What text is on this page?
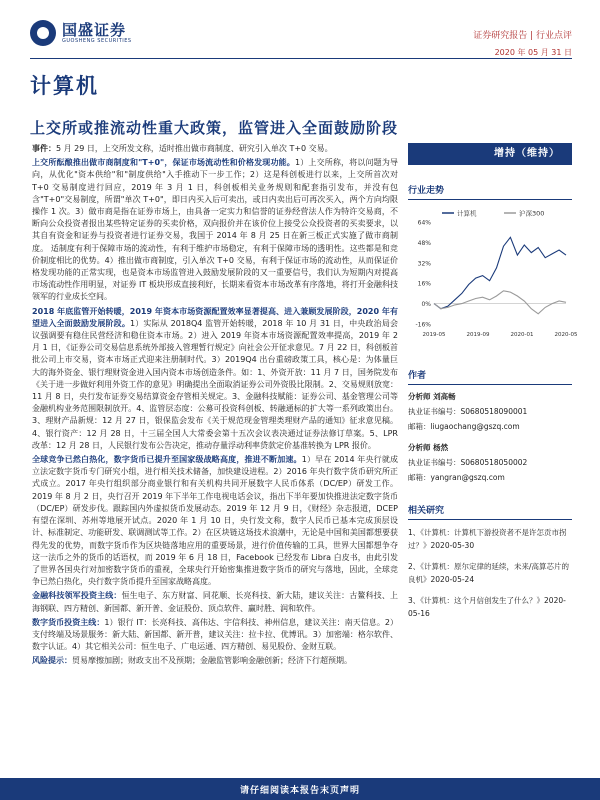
国盛证券
GUOSHENG SECURITIES	证券研究报告 | 行业点评
2020 年 05 月 31 日
计算机
上交所或推流动性重大政策，监管进入全面鼓励阶段

事件：5 月 29 日，上交所发文称，适时推出做市商制度、研究引入单次 T+0 交易。

上交所酝酿推出做市商制度和"T+0"，保证市场流动性和价格发现功能。1）上交所称，将以问题为导向，从优化"资本供给"和"制度供给"入手推动下一步工作；2）这是科创板进行以来，上交所首次对 T+0 交易制度进行回应，2019 年 3 月 1 日，科创板相关业务规则和配套指引发布，并没有包含"T+0"交易制度，所谓"单次 T+0"，即日内买入后可卖出，或日内卖出后可再次买入，两个方向均限操作 1 次。3）做市商是指在证券市场上，由具备一定实力和信誉的证券经营法人作为特许交易商，不断向公众投资者报出某些特定证券的买卖价格，双向报价并在该价位上接受公众投资者的买卖要求，以其自有资金和证券与投资者进行证券交易，我国于 2014 年 8 月 25 日在新三板正式实施了做市商制度。 适制度有利于保障市场的流动性，有利于维护市场稳定，有利于保障市场的透明性。这些都是和竞价制度相比的优势。4）推出做市商制度，引入单次 T+0 交易，有利于保证市场的流动性，从而保证价格发现功能的正常实现，也是资本市场监管进入鼓励发展阶段的又一重要信号，我们认为短期内对提高市场流动性作用明显，对证券 IT 板块形成直接利好，长期来看资本市场改革有序落地，将打开金融科技领军的行业成长空间。

2018 年底监管开始转暖，2019 年资本市场资源配置效率显著提高、进入兼顾发展阶段，2020 年有望进入全面鼓励发展阶段。1）实际从 2018Q4 监管开始转暖，2018 年 10 月 31 日，中央政治局会议强调要有稳住民营经济和稳住资本市场。2）进入 2019 年资本市场资源配置效率提高，2019 年 2 月 1 日，《证券公司交易信息系统外部接入管理暂行规定》向社会公开征求意见。7 月 22 日，科创板首批公司上市交易，资本市场正式迎来注册制时代。3）2019Q4 出台重磅政策工具，核心是：为体量巨大的海外资金、银行理财资金进入国内资本市场创造条件。如：1、外资开放：11 月 7 日，国务院发布《关于进一步做好利用外资工作的意见》明确提出全面取消证券公司外资股比限制。2、交易规则放宽：11 月 8 日，央行发布证券交易结算资金存管相关规定。3、金融科技赋能：证券公司、基金管理公司等金融机构业务范围限制放开。4、监管层态度：公募可投资科创板、转融通标的扩大等一系列政策出台。3、理财产品新规：12 月 27 日，银保监会发布《关于规范现金管理类理财产品的通知》征求意见稿。4、银行资产：12 月 28 日，十三届全国人大常委会第十五次会议表决通过证券法修订草案。5、LPR 改革：12 月 28 日，人民银行发布公告决定，推动存量浮动利率贷款定价基准转换为 LPR 报价。

全球竞争已然白热化，数字货币已提升至国家级战略高度，推进不断加速。1）早在 2014 年央行就成立法定数字货币专门研究小组，进行相关技术储备，加快建设进程。2）2016 年央行数字货币研究所正式成立。2017 年央行组织部分商业银行和有关机构共同开展数字人民币体系（DC/EP）研发工作。2019 年 8 月 2 日，央行召开 2019 年下半年工作电视电话会议，指出下半年要加快推进法定数字货币（DC/EP）研发步伐。跟踪国内外虚拟货币发展动态。2019 年 12 月 9 日，《财经》杂志报道，DCEP 有望在深圳、苏州等地展开试点。2020 年 1 月 10 日，央行发文称，数字人民币已基本完成顶层设计、标准制定、功能研发、联调测试等工作。2）在区块链这场技术浪潮中，无论是中国和美国都想要获得先发的优势，而数字货币作为区块链落地应用的重要场景，进行价值传输的工具，世界大国都想争夺这一法币之外的货币的话语权，而 2019 年 6 月 18 日，Facebook 已经发布 Libra 白皮书，由此引发了世界各国央行对加密数字货币的重视，全球央行开始密集推进数字货币的研究与落地，因此，全球竞争已然白热化，央行数字货币提升至国家战略高度。

金融科技领军投资主线：恒生电子、东方财富、同花顺、长亮科技、新大陆，建议关注：古鳌科技、上海钢联、四方精创、新国都、新开普、金证股份、顶点软件、赢时胜、润和软件。

数字货币投资主线：1）银行 IT：长亮科技、高伟达、宇信科技、神州信息，建议关注：南天信息。2）支付终端及场景服务：新大陆、新国都、新开普，建议关注：拉卡拉、优博讯。3）加密端：格尔软件、数字认证。4）其它相关公司：恒生电子、广电运通、四方精创、易见股份、金财互联。

风险提示：贸易摩擦加剧；财政支出不及预期；金融监管影响金融创新；经济下行超预期。

增持（维持）
行业走势
-16%
0%
16%
32%
48%
64%
2019-05	2019-09	2020-01	2020-05
计算机	沪深300
作者
分析师 刘高畅
执业证书编号：S0680518090001
邮箱：liugaochang@gszq.com
分析师 杨然
执业证书编号：S0680518050002
邮箱：yangran@gszq.com
相关研究
1、《计算机：计算机下游投资者不是许怎贡市拐过？》2020-05-30
2、《计算机：原尔定律的延续，未来/高算芯片的良机》2020-05-24
3、《计算机：这个月信创发生了什么？》2020-05-16
请仔细阅读本报告末页声明
